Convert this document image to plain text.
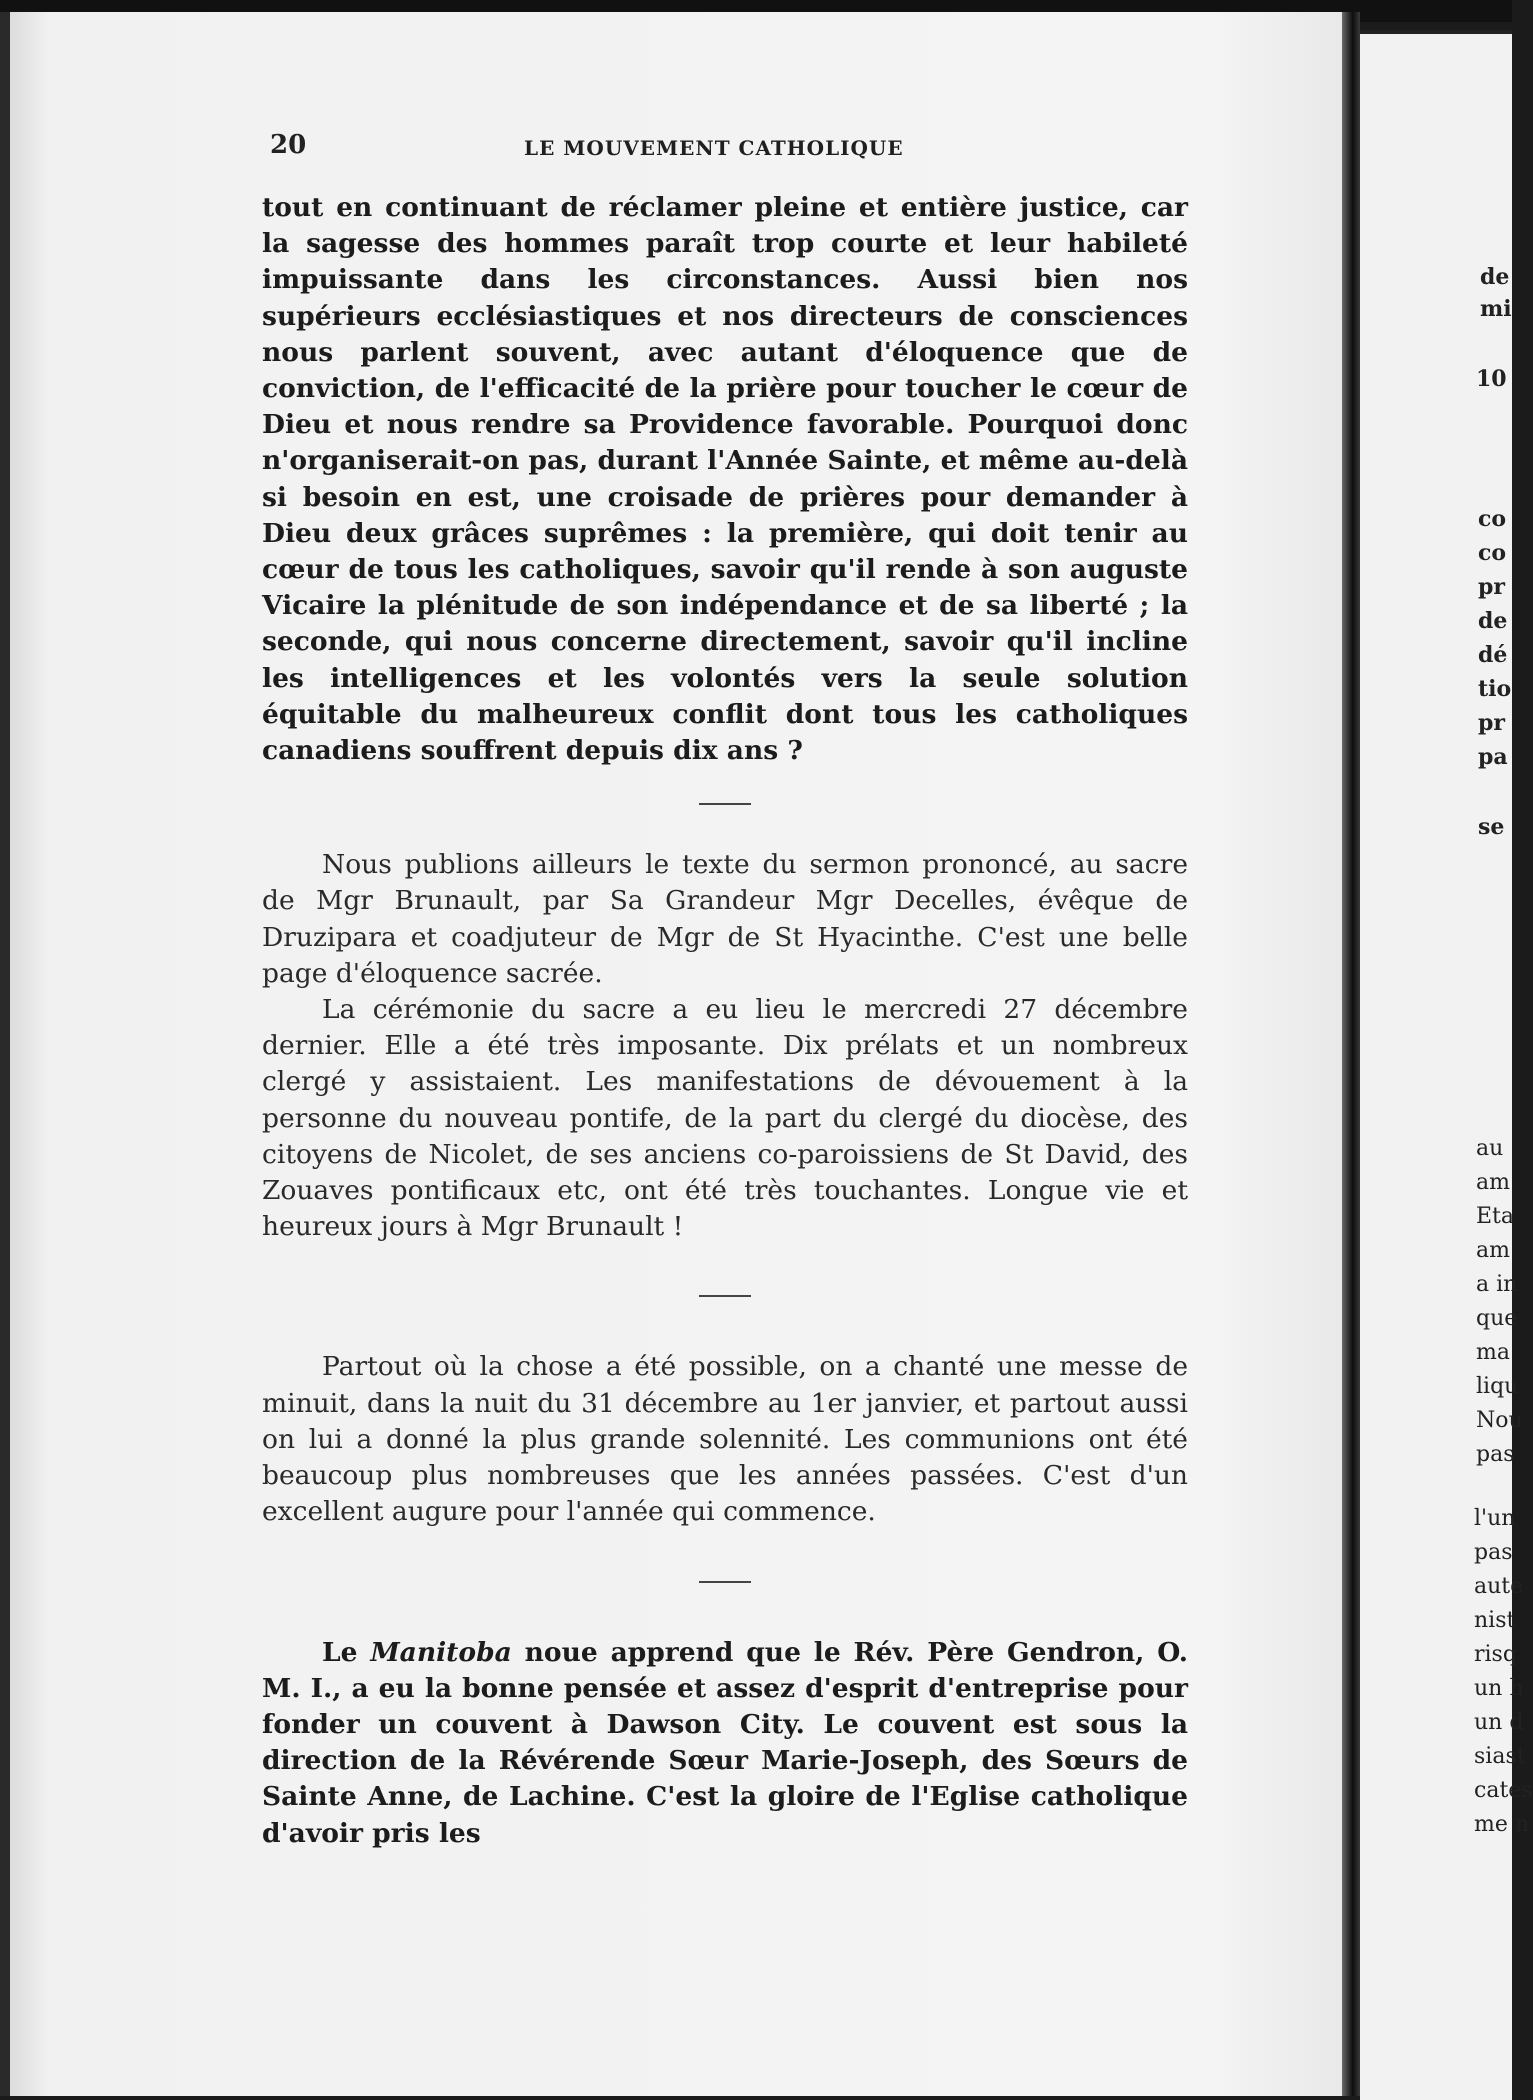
20	LE MOUVEMENT CATHOLIQUE

tout en continuant de réclamer pleine et entière justice, car la sagesse des hommes paraît trop courte et leur habileté impuissante dans les circonstances. Aussi bien nos supérieurs ecclésiastiques et nos directeurs de consciences nous parlent souvent, avec autant d'éloquence que de conviction, de l'efficacité de la prière pour toucher le cœur de Dieu et nous rendre sa Providence favorable. Pourquoi donc n'organiserait-on pas, durant l'Année Sainte, et même au-delà si besoin en est, une croisade de prières pour demander à Dieu deux grâces suprêmes : la première, qui doit tenir au cœur de tous les catholiques, savoir qu'il rende à son auguste Vicaire la plénitude de son indépendance et de sa liberté ; la seconde, qui nous concerne directement, savoir qu'il incline les intelligences et les volontés vers la seule solution équitable du malheureux conflit dont tous les catholiques canadiens souffrent depuis dix ans ?

Nous publions ailleurs le texte du sermon prononcé, au sacre de Mgr Brunault, par Sa Grandeur Mgr Decelles, évêque de Druzipara et coadjuteur de Mgr de St Hyacinthe. C'est une belle page d'éloquence sacrée.

La cérémonie du sacre a eu lieu le mercredi 27 décembre dernier. Elle a été très imposante. Dix prélats et un nombreux clergé y assistaient. Les manifestations de dévouement à la personne du nouveau pontife, de la part du clergé du diocèse, des citoyens de Nicolet, de ses anciens co-paroissiens de St David, des Zouaves pontificaux etc, ont été très touchantes. Longue vie et heureux jours à Mgr Brunault !

Partout où la chose a été possible, on a chanté une messe de minuit, dans la nuit du 31 décembre au 1er janvier, et partout aussi on lui a donné la plus grande solennité. Les communions ont été beaucoup plus nombreuses que les années passées. C'est d'un excellent augure pour l'année qui commence.

Le Manitoba noue apprend que le Rév. Père Gendron, O. M. I., a eu la bonne pensée et assez d'esprit d'entreprise pour fonder un couvent à Dawson City. Le couvent est sous la direction de la Révérende Sœur Marie-Joseph, des Sœurs de Sainte Anne, de Lachine. C'est la gloire de l'Eglise catholique d'avoir pris les

de
mi
10
co
co
pr
de
dé
tio
pr
pa
se
au
am
Eta
am
a in
que
ma
liqu
Nou
pas
l'un
pas
aute
nist
risq
un h
un d
siast
cates
me n
